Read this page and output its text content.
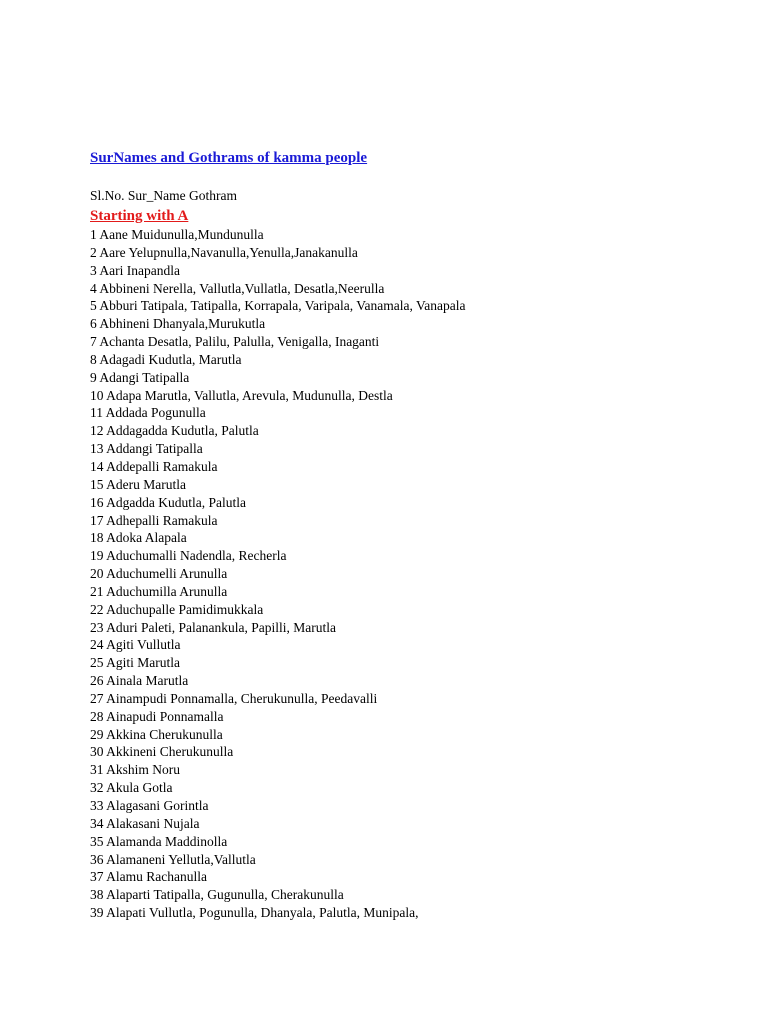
SurNames and Gothrams of kamma people
Sl.No. Sur_Name Gothram
Starting with A
1 Aane Muidunulla,Mundunulla
2 Aare Yelupnulla,Navanulla,Yenulla,Janakanulla
3 Aari Inapandla
4 Abbineni Nerella, Vallutla,Vullatla, Desatla,Neerulla
5 Abburi Tatipala, Tatipalla, Korrapala, Varipala, Vanamala, Vanapala
6 Abhineni Dhanyala,Murukutla
7 Achanta Desatla, Palilu, Palulla, Venigalla, Inaganti
8 Adagadi Kudutla, Marutla
9 Adangi Tatipalla
10 Adapa Marutla, Vallutla, Arevula, Mudunulla, Destla
11 Addada Pogunulla
12 Addagadda Kudutla, Palutla
13 Addangi Tatipalla
14 Addepalli Ramakula
15 Aderu Marutla
16 Adgadda Kudutla, Palutla
17 Adhepalli Ramakula
18 Adoka Alapala
19 Aduchumalli Nadendla, Recherla
20 Aduchumelli Arunulla
21 Aduchumilla Arunulla
22 Aduchupalle Pamidimukkala
23 Aduri Paleti, Palanankula, Papilli, Marutla
24 Agiti Vullutla
25 Agiti Marutla
26 Ainala Marutla
27 Ainampudi Ponnamalla, Cherukunulla, Peedavalli
28 Ainapudi Ponnamalla
29 Akkina Cherukunulla
30 Akkineni Cherukunulla
31 Akshim Noru
32 Akula Gotla
33 Alagasani Gorintla
34 Alakasani Nujala
35 Alamanda Maddinolla
36 Alamaneni Yellutla,Vallutla
37 Alamu Rachanulla
38 Alaparti Tatipalla, Gugunulla, Cherakunulla
39 Alapati Vullutla, Pogunulla, Dhanyala, Palutla, Munipala,
